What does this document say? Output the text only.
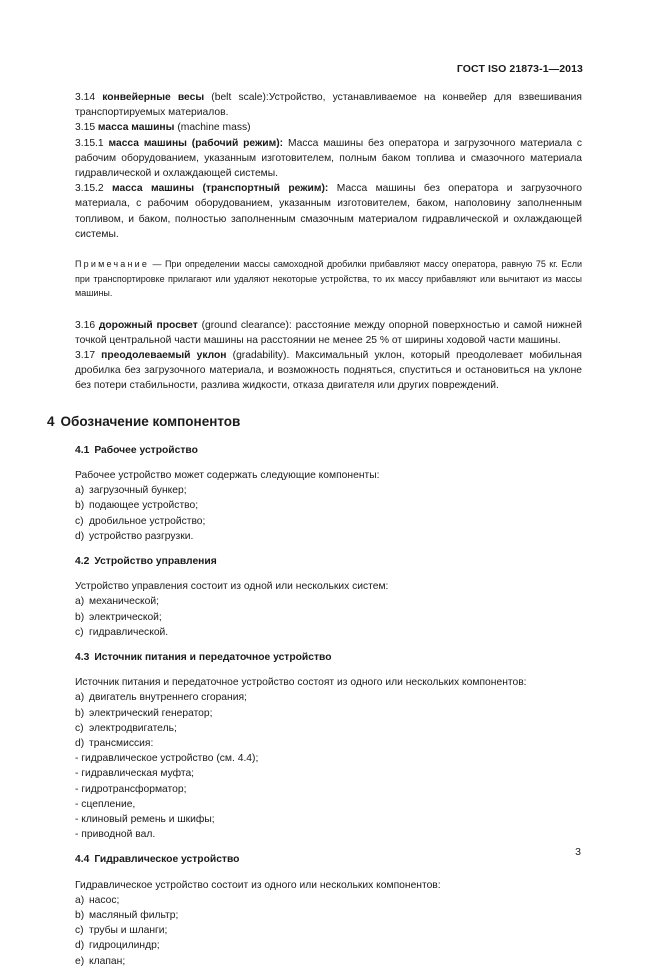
ГОСТ ISO 21873-1—2013

3.14 конвейерные весы (belt scale):Устройство, устанавливаемое на конвейер для взвешивания транспортируемых материалов.

3.15 масса машины (machine mass)

3.15.1 масса машины (рабочий режим): Масса машины без оператора и загрузочного материала с рабочим оборудованием, указанным изготовителем, полным баком топлива и смазочного материала гидравлической и охлаждающей системы.

3.15.2 масса машины (транспортный режим): Масса машины без оператора и загрузочного материала, с рабочим оборудованием, указанным изготовителем, баком, наполовину заполненным топливом, и баком, полностью заполненным смазочным материалом гидравлической и охлаждающей системы.

Примечание — При определении массы самоходной дробилки прибавляют массу оператора, равную 75 кг. Если при транспортировке прилагают или удаляют некоторые устройства, то их массу прибавляют или вычитают из массы машины.

3.16 дорожный просвет (ground clearance): расстояние между опорной поверхностью и самой нижней точкой центральной части машины на расстоянии не менее 25 % от ширины ходовой части машины.

3.17 преодолеваемый уклон (gradability). Максимальный уклон, который преодолевает мобильная дробилка без загрузочного материала, и возможность подняться, спуститься и остановиться на уклоне без потери стабильности, разлива жидкости, отказа двигателя или других повреждений.

4 Обозначение компонентов
4.1 Рабочее устройство
Рабочее устройство может содержать следующие компоненты:
a) загрузочный бункер;
b) подающее устройство;
c) дробильное устройство;
d) устройство разгрузки.
4.2 Устройство управления
Устройство управления состоит из одной или нескольких систем:
a) механической;
b) электрической;
c) гидравлической.
4.3 Источник питания и передаточное устройство
Источник питания и передаточное устройство состоят из одного или нескольких компонентов:
a) двигатель внутреннего сгорания;
b) электрический генератор;
c) электродвигатель;
d) трансмиссия:
- гидравлическое устройство (см. 4.4);
- гидравлическая муфта;
- гидротрансформатор;
- сцепление,
- клиновый ремень и шкифы;
- приводной вал.
4.4 Гидравлическое устройство
Гидравлическое устройство состоит из одного или нескольких компонентов:
a) насос;
b) масляный фильтр;
c) трубы и шланги;
d) гидроцилиндр;
e) клапан;
3
